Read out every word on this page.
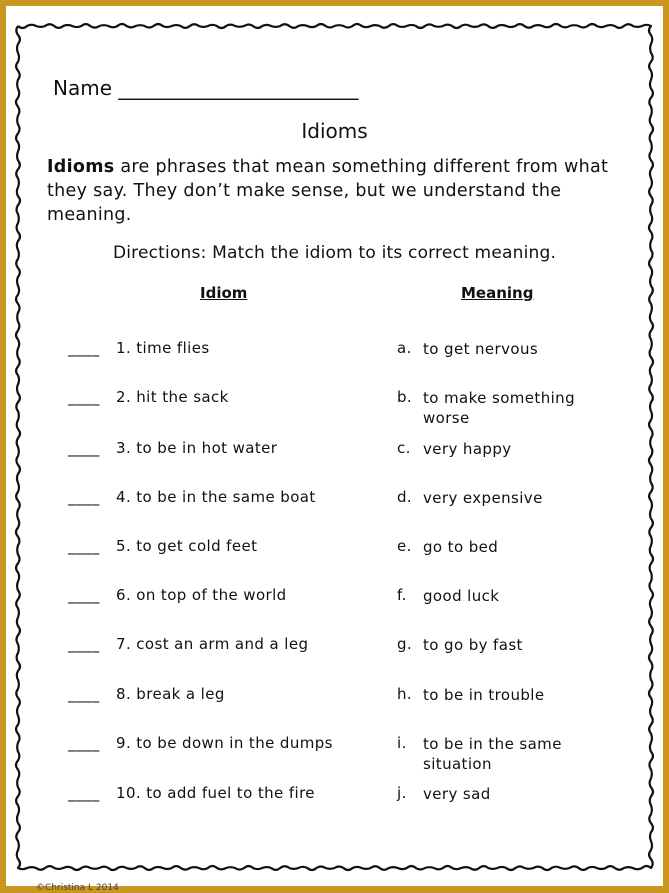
Name ________________________
Idioms
Idioms are phrases that mean something different from what they say. They don’t make sense, but we understand the meaning.
Directions: Match the idiom to its correct meaning.
Idiom	Meaning
____ 1. time flies	a. to get nervous
____ 2. hit the sack	b. to make something worse
____ 3. to be in hot water	c. very happy
____ 4. to be in the same boat	d. very expensive
____ 5. to get cold feet	e. go to bed
____ 6. on top of the world	f. good luck
____ 7. cost an arm and a leg	g. to go by fast
____ 8. break a leg	h. to be in trouble
____ 9. to be down in the dumps	i. to be in the same situation
____ 10. to add fuel to the fire	j. very sad
©Christina L 2014
